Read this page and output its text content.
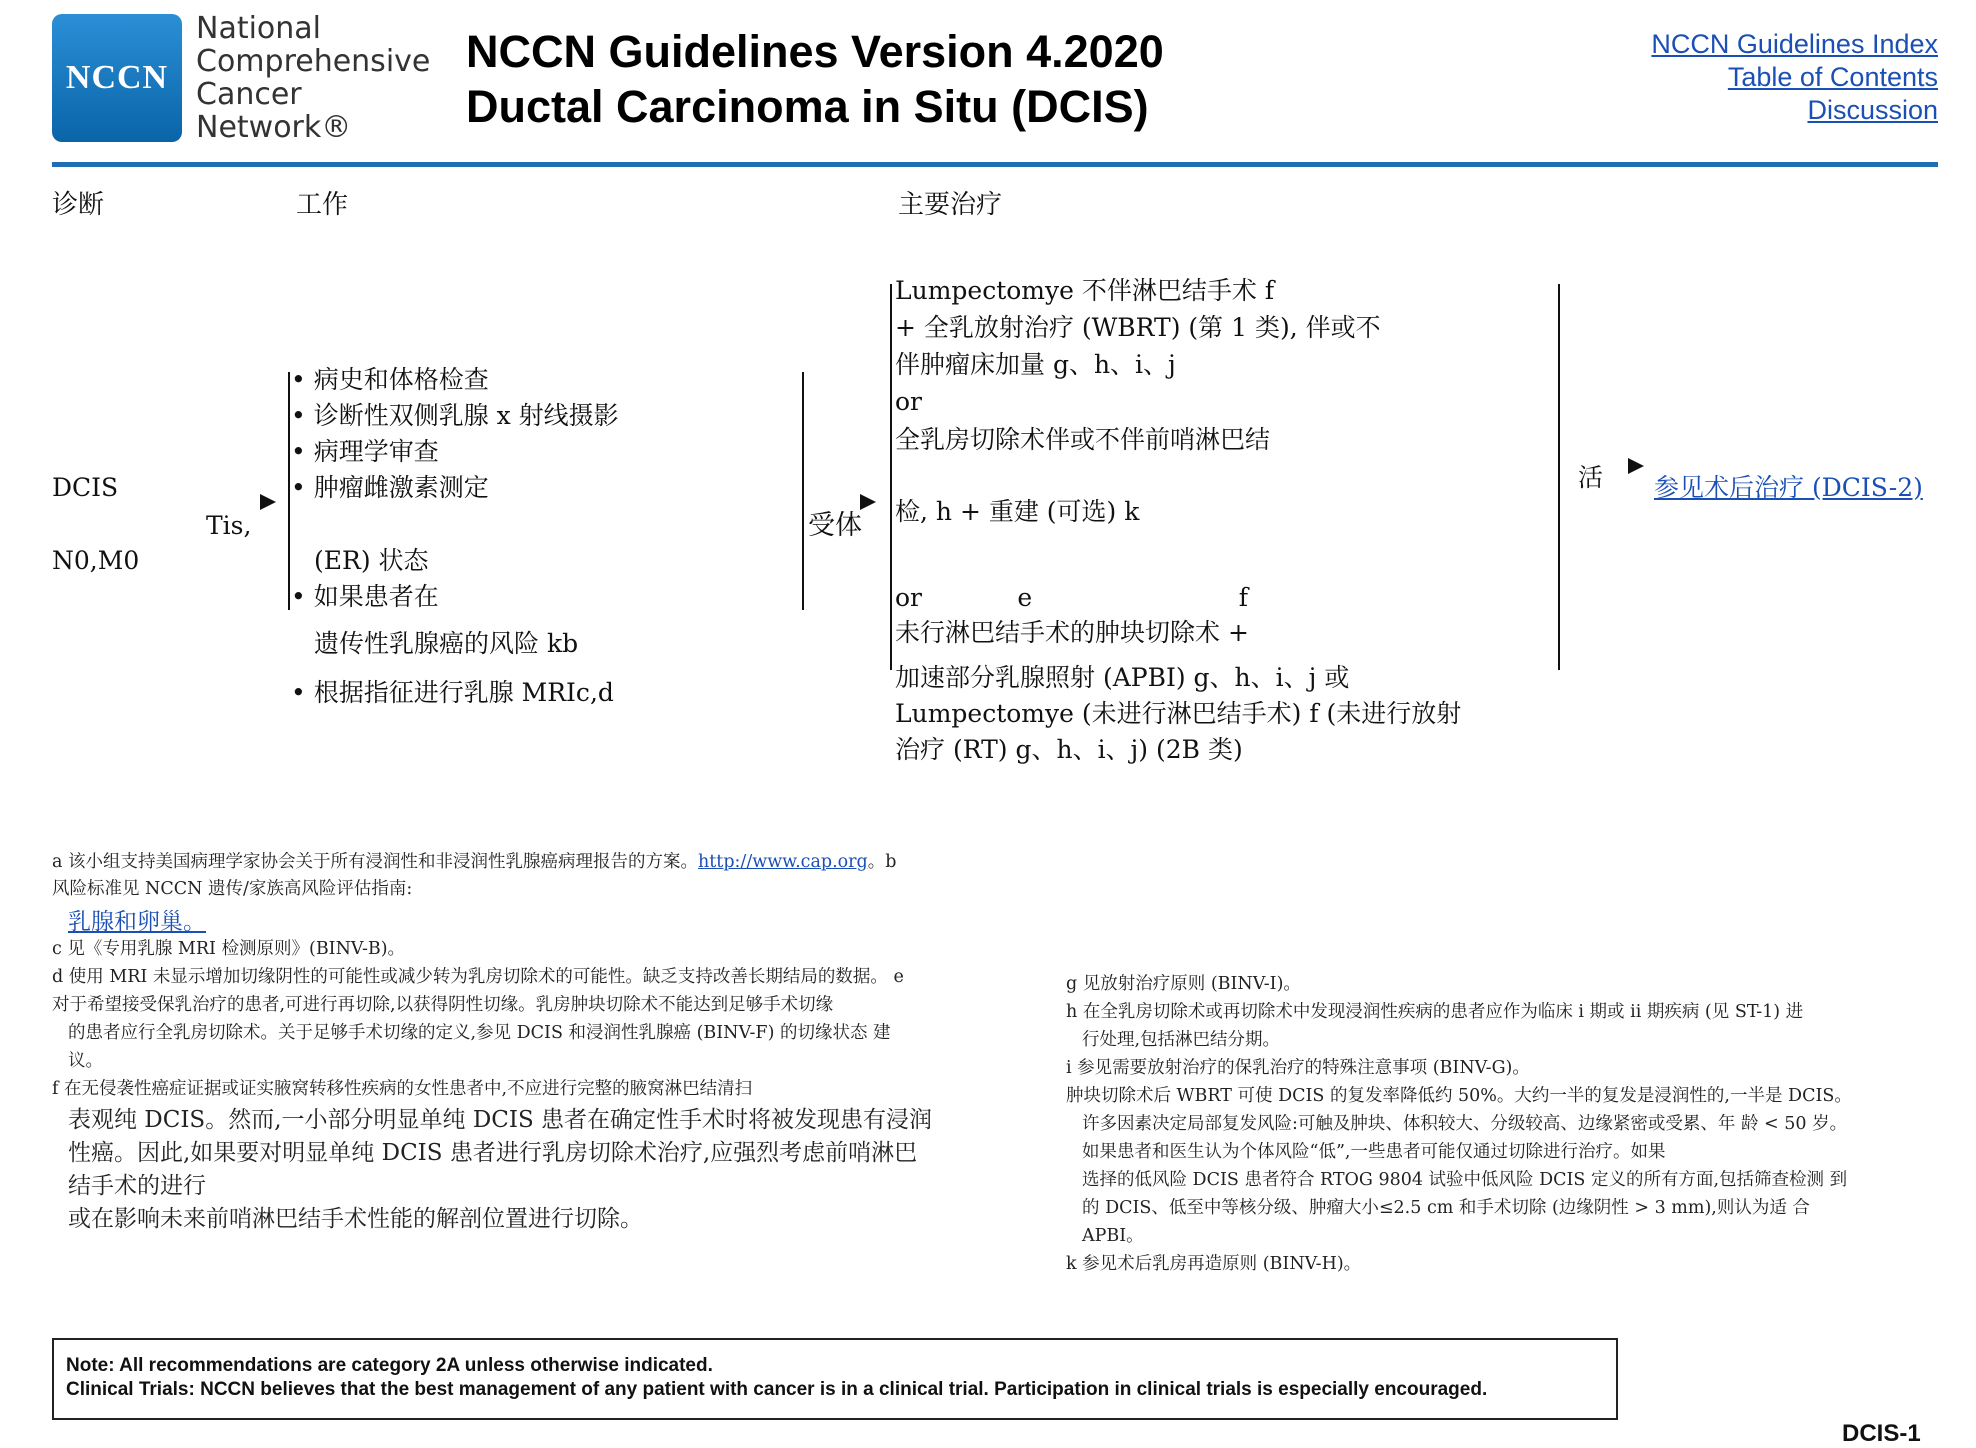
NCCN
National
Comprehensive
Cancer
Network®
NCCN Guidelines Version 4.2020
Ductal Carcinoma in Situ (DCIS)
NCCN Guidelines Index
Table of Contents
Discussion
诊断	工作	主要治疗
DCIS
Tis,
N0,M0
• 病史和体格检查
• 诊断性双侧乳腺 x 射线摄影
• 病理学审查
• 肿瘤雌激素测定
(ER) 状态
• 如果患者在
遗传性乳腺癌的风险 kb
• 根据指征进行乳腺 MRIc,d
受体
Lumpectomye 不伴淋巴结手术 f
+ 全乳放射治疗 (WBRT) (第 1 类), 伴或不
伴肿瘤床加量 g、h、i、j
or
全乳房切除术伴或不伴前哨淋巴结
检, h + 重建 (可选) k
or            e                          f
未行淋巴结手术的肿块切除术 +
加速部分乳腺照射 (APBI) g、h、i、j 或
Lumpectomye (未进行淋巴结手术) f (未进行放射
治疗 (RT) g、h、i、j) (2B 类)
活 参见术后治疗 (DCIS-2)
a 该小组支持美国病理学家协会关于所有浸润性和非浸润性乳腺癌病理报告的方案。http://www.cap.org。b
风险标准见 NCCN 遗传/家族高风险评估指南:
乳腺和卵巢。
c 见《专用乳腺 MRI 检测原则》(BINV-B)。
d 使用 MRI 未显示增加切缘阴性的可能性或减少转为乳房切除术的可能性。缺乏支持改善长期结局的数据。 e
对于希望接受保乳治疗的患者,可进行再切除,以获得阴性切缘。乳房肿块切除术不能达到足够手术切缘
的患者应行全乳房切除术。关于足够手术切缘的定义,参见 DCIS 和浸润性乳腺癌 (BINV-F) 的切缘状态 建
议。
f 在无侵袭性癌症证据或证实腋窝转移性疾病的女性患者中,不应进行完整的腋窝淋巴结清扫
表观纯 DCIS。然而,一小部分明显单纯 DCIS 患者在确定性手术时将被发现患有浸润
性癌。因此,如果要对明显单纯 DCIS 患者进行乳房切除术治疗,应强烈考虑前哨淋巴
结手术的进行
或在影响未来前哨淋巴结手术性能的解剖位置进行切除。
g 见放射治疗原则 (BINV-I)。
h 在全乳房切除术或再切除术中发现浸润性疾病的患者应作为临床 i 期或 ii 期疾病 (见 ST-1) 进
行处理,包括淋巴结分期。
i 参见需要放射治疗的保乳治疗的特殊注意事项 (BINV-G)。
肿块切除术后 WBRT 可使 DCIS 的复发率降低约 50%。大约一半的复发是浸润性的,一半是 DCIS。
许多因素决定局部复发风险:可触及肿块、体积较大、分级较高、边缘紧密或受累、年 龄 < 50 岁。
如果患者和医生认为个体风险“低”,一些患者可能仅通过切除进行治疗。如果
选择的低风险 DCIS 患者符合 RTOG 9804 试验中低风险 DCIS 定义的所有方面,包括筛查检测 到
的 DCIS、低至中等核分级、肿瘤大小≤2.5 cm 和手术切除 (边缘阴性 > 3 mm),则认为适 合
APBI。
k 参见术后乳房再造原则 (BINV-H)。
Note: All recommendations are category 2A unless otherwise indicated.
Clinical Trials: NCCN believes that the best management of any patient with cancer is in a clinical trial. Participation in clinical trials is especially encouraged.
DCIS-1
